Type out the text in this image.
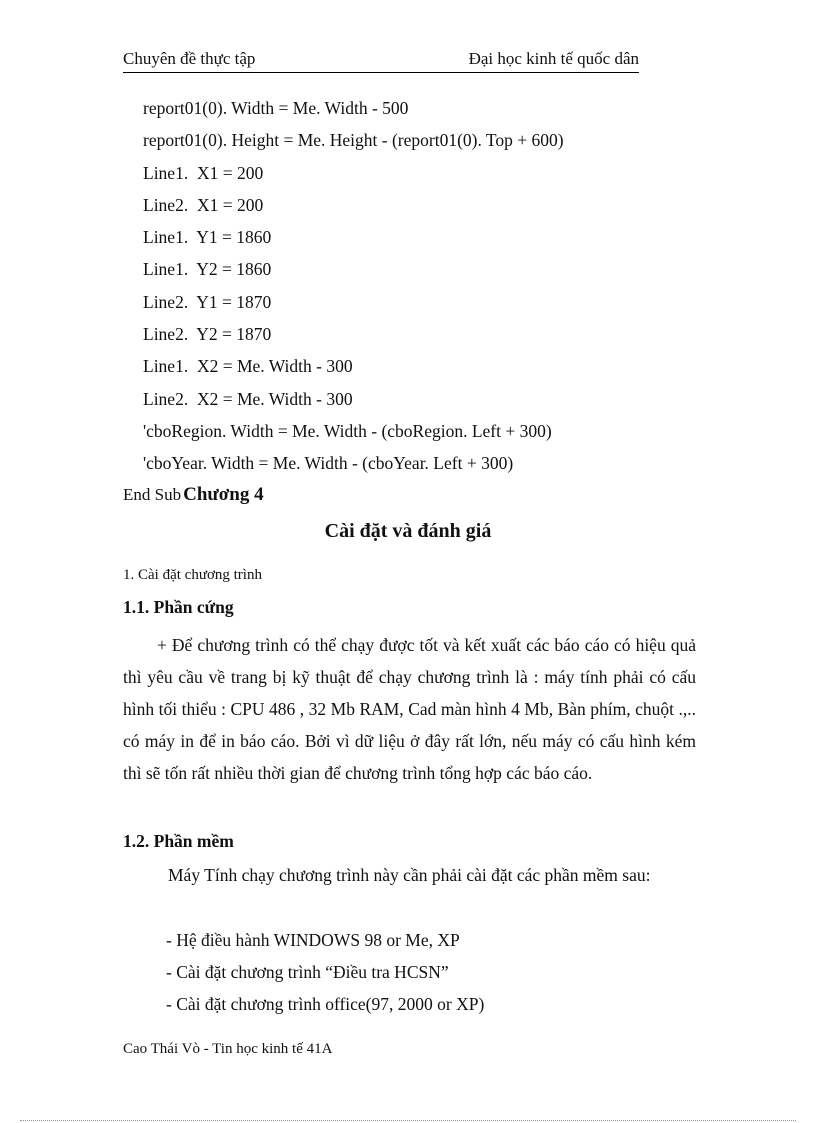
Chuyên đề thực tập	Đại học kinh tế quốc dân
report01(0). Width = Me. Width - 500
report01(0). Height = Me. Height - (report01(0). Top + 600)
Line1.  X1 = 200
Line2.  X1 = 200
Line1.  Y1 = 1860
Line1.  Y2 = 1860
Line2.  Y1 = 1870
Line2.  Y2 = 1870
Line1.  X2 = Me. Width - 300
Line2.  X2 = Me. Width - 300
'cboRegion. Width = Me. Width - (cboRegion. Left + 300)
'cboYear. Width = Me. Width - (cboYear. Left + 300)
End Sub Chương 4
Cài đặt và đánh giá
1. Cài đặt chương trình
1.1. Phần cứng
+ Để chương trình có thể chạy được tốt và kết xuất các báo cáo có hiệu quả thì yêu cầu về trang bị kỹ thuật để chạy chương trình là : máy tính phải có cấu hình tối thiểu : CPU 486 , 32 Mb RAM, Cad màn hình 4 Mb, Bàn phím, chuột .,.. có máy in để in báo cáo. Bởi vì dữ liệu ở đây rất lớn, nếu máy có cấu hình kém thì sẽ tốn rất nhiều thời gian để chương trình tổng hợp các báo cáo.
1.2. Phần mềm
Máy Tính chạy chương trình này cần phải cài đặt các phần mềm sau:
- Hệ điều hành WINDOWS 98 or Me, XP
- Cài đặt chương trình “Điều tra HCSN”
- Cài đặt chương trình office(97, 2000 or XP)
Cao Thái Vò - Tin học kinh tế 41A
